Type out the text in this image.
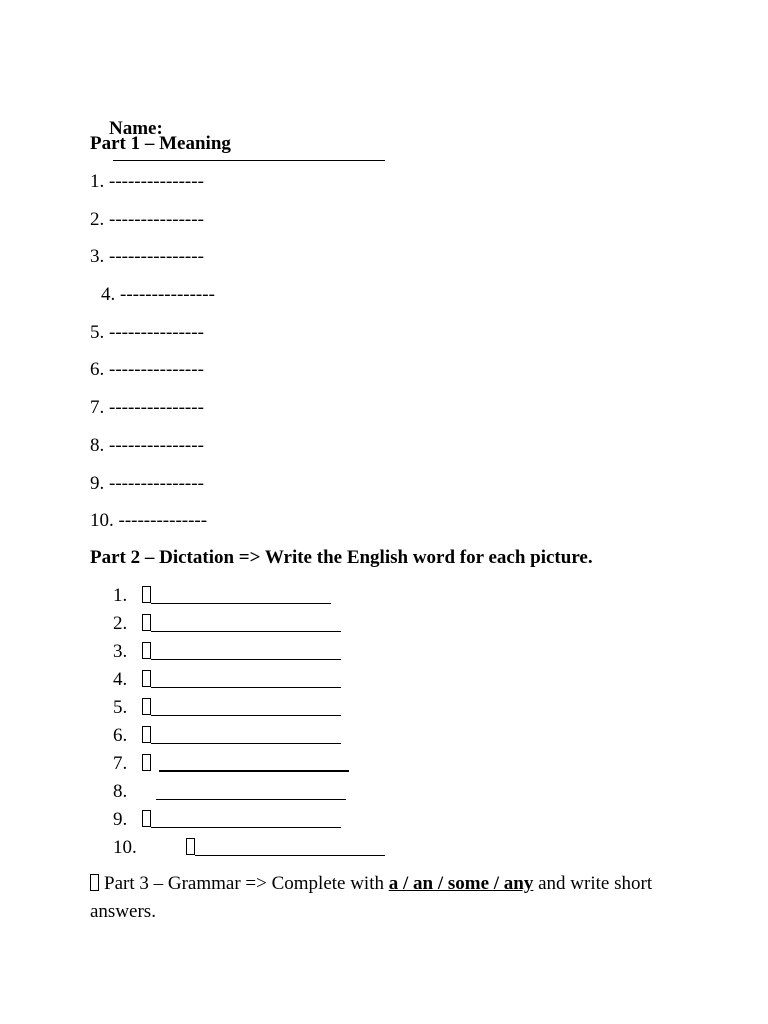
Name:

Part 1 – Meaning
1. ---------------
2. ---------------
3. ---------------
4. ---------------
5. ---------------
6. ---------------
7. ---------------
8. ---------------
9. ---------------
10. --------------
Part 2 – Dictation => Write the English word for each picture.
1.
2.
3.
4.
5.
6.
7.
8.
9.
10.
Part 3 – Grammar => Complete with a / an / some / any and write short answers.
